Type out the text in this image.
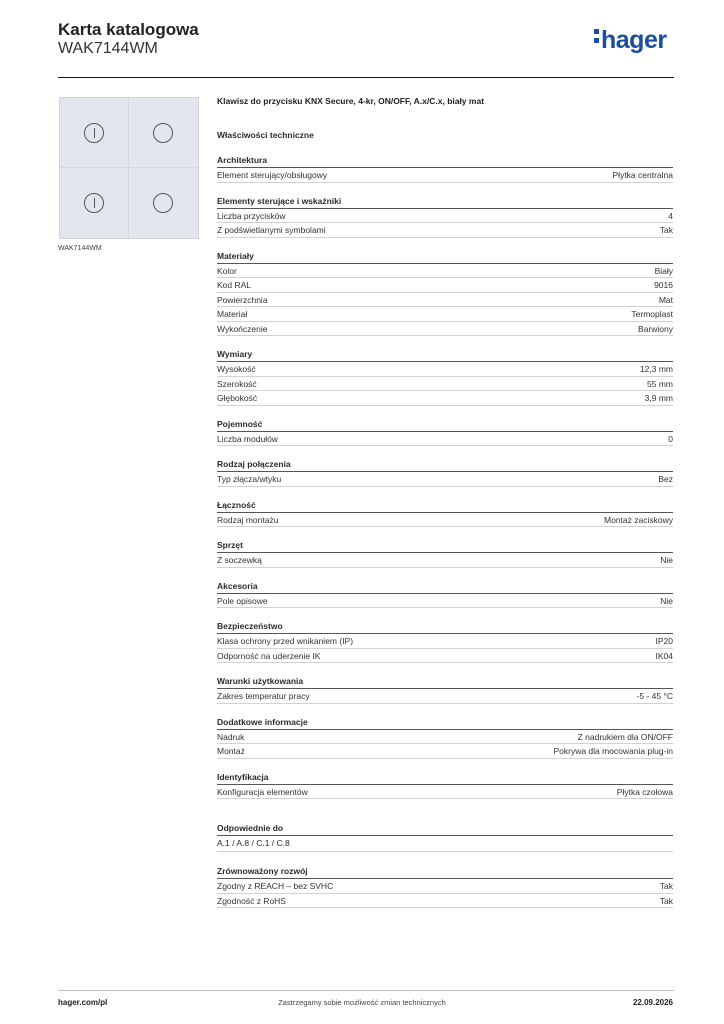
Karta katalogowa
WAK7144WM	hager
WAK7144WM
Klawisz do przycisku KNX Secure, 4-kr, ON/OFF, A.x/C.x, biały mat
Właściwości techniczne
Architektura
Element sterujący/obsługowy	Płytka centralna
Elementy sterujące i wskaźniki
Liczba przycisków	4
Z podświetlanymi symbolami	Tak
Materiały
Kolor	Biały
Kod RAL	9016
Powierzchnia	Mat
Materiał	Termoplast
Wykończenie	Barwiony
Wymiary
Wysokość	12,3 mm
Szerokość	55 mm
Głębokość	3,9 mm
Pojemność
Liczba modułów	0
Rodzaj połączenia
Typ złącza/wtyku	Bez
Łączność
Rodzaj montażu	Montaż zaciskowy
Sprzęt
Z soczewką	Nie
Akcesoria
Pole opisowe	Nie
Bezpieczeństwo
Klasa ochrony przed wnikaniem (IP)	IP20
Odporność na uderzenie IK	IK04
Warunki użytkowania
Zakres temperatur pracy	-5 - 45 °C
Dodatkowe informacje
Nadruk	Z nadrukiem dla ON/OFF
Montaż	Pokrywa dla mocowania plug-in
Identyfikacja
Konfiguracja elementów	Płytka czołowa
Odpowiednie do
A.1 / A.8 / C.1 / C.8
Zrównoważony rozwój
Zgodny z REACH – bez SVHC	Tak
Zgodność z RoHS	Tak
hager.com/pl	Zastrzegamy sobie możliwość zmian technicznych	22.09.2026
